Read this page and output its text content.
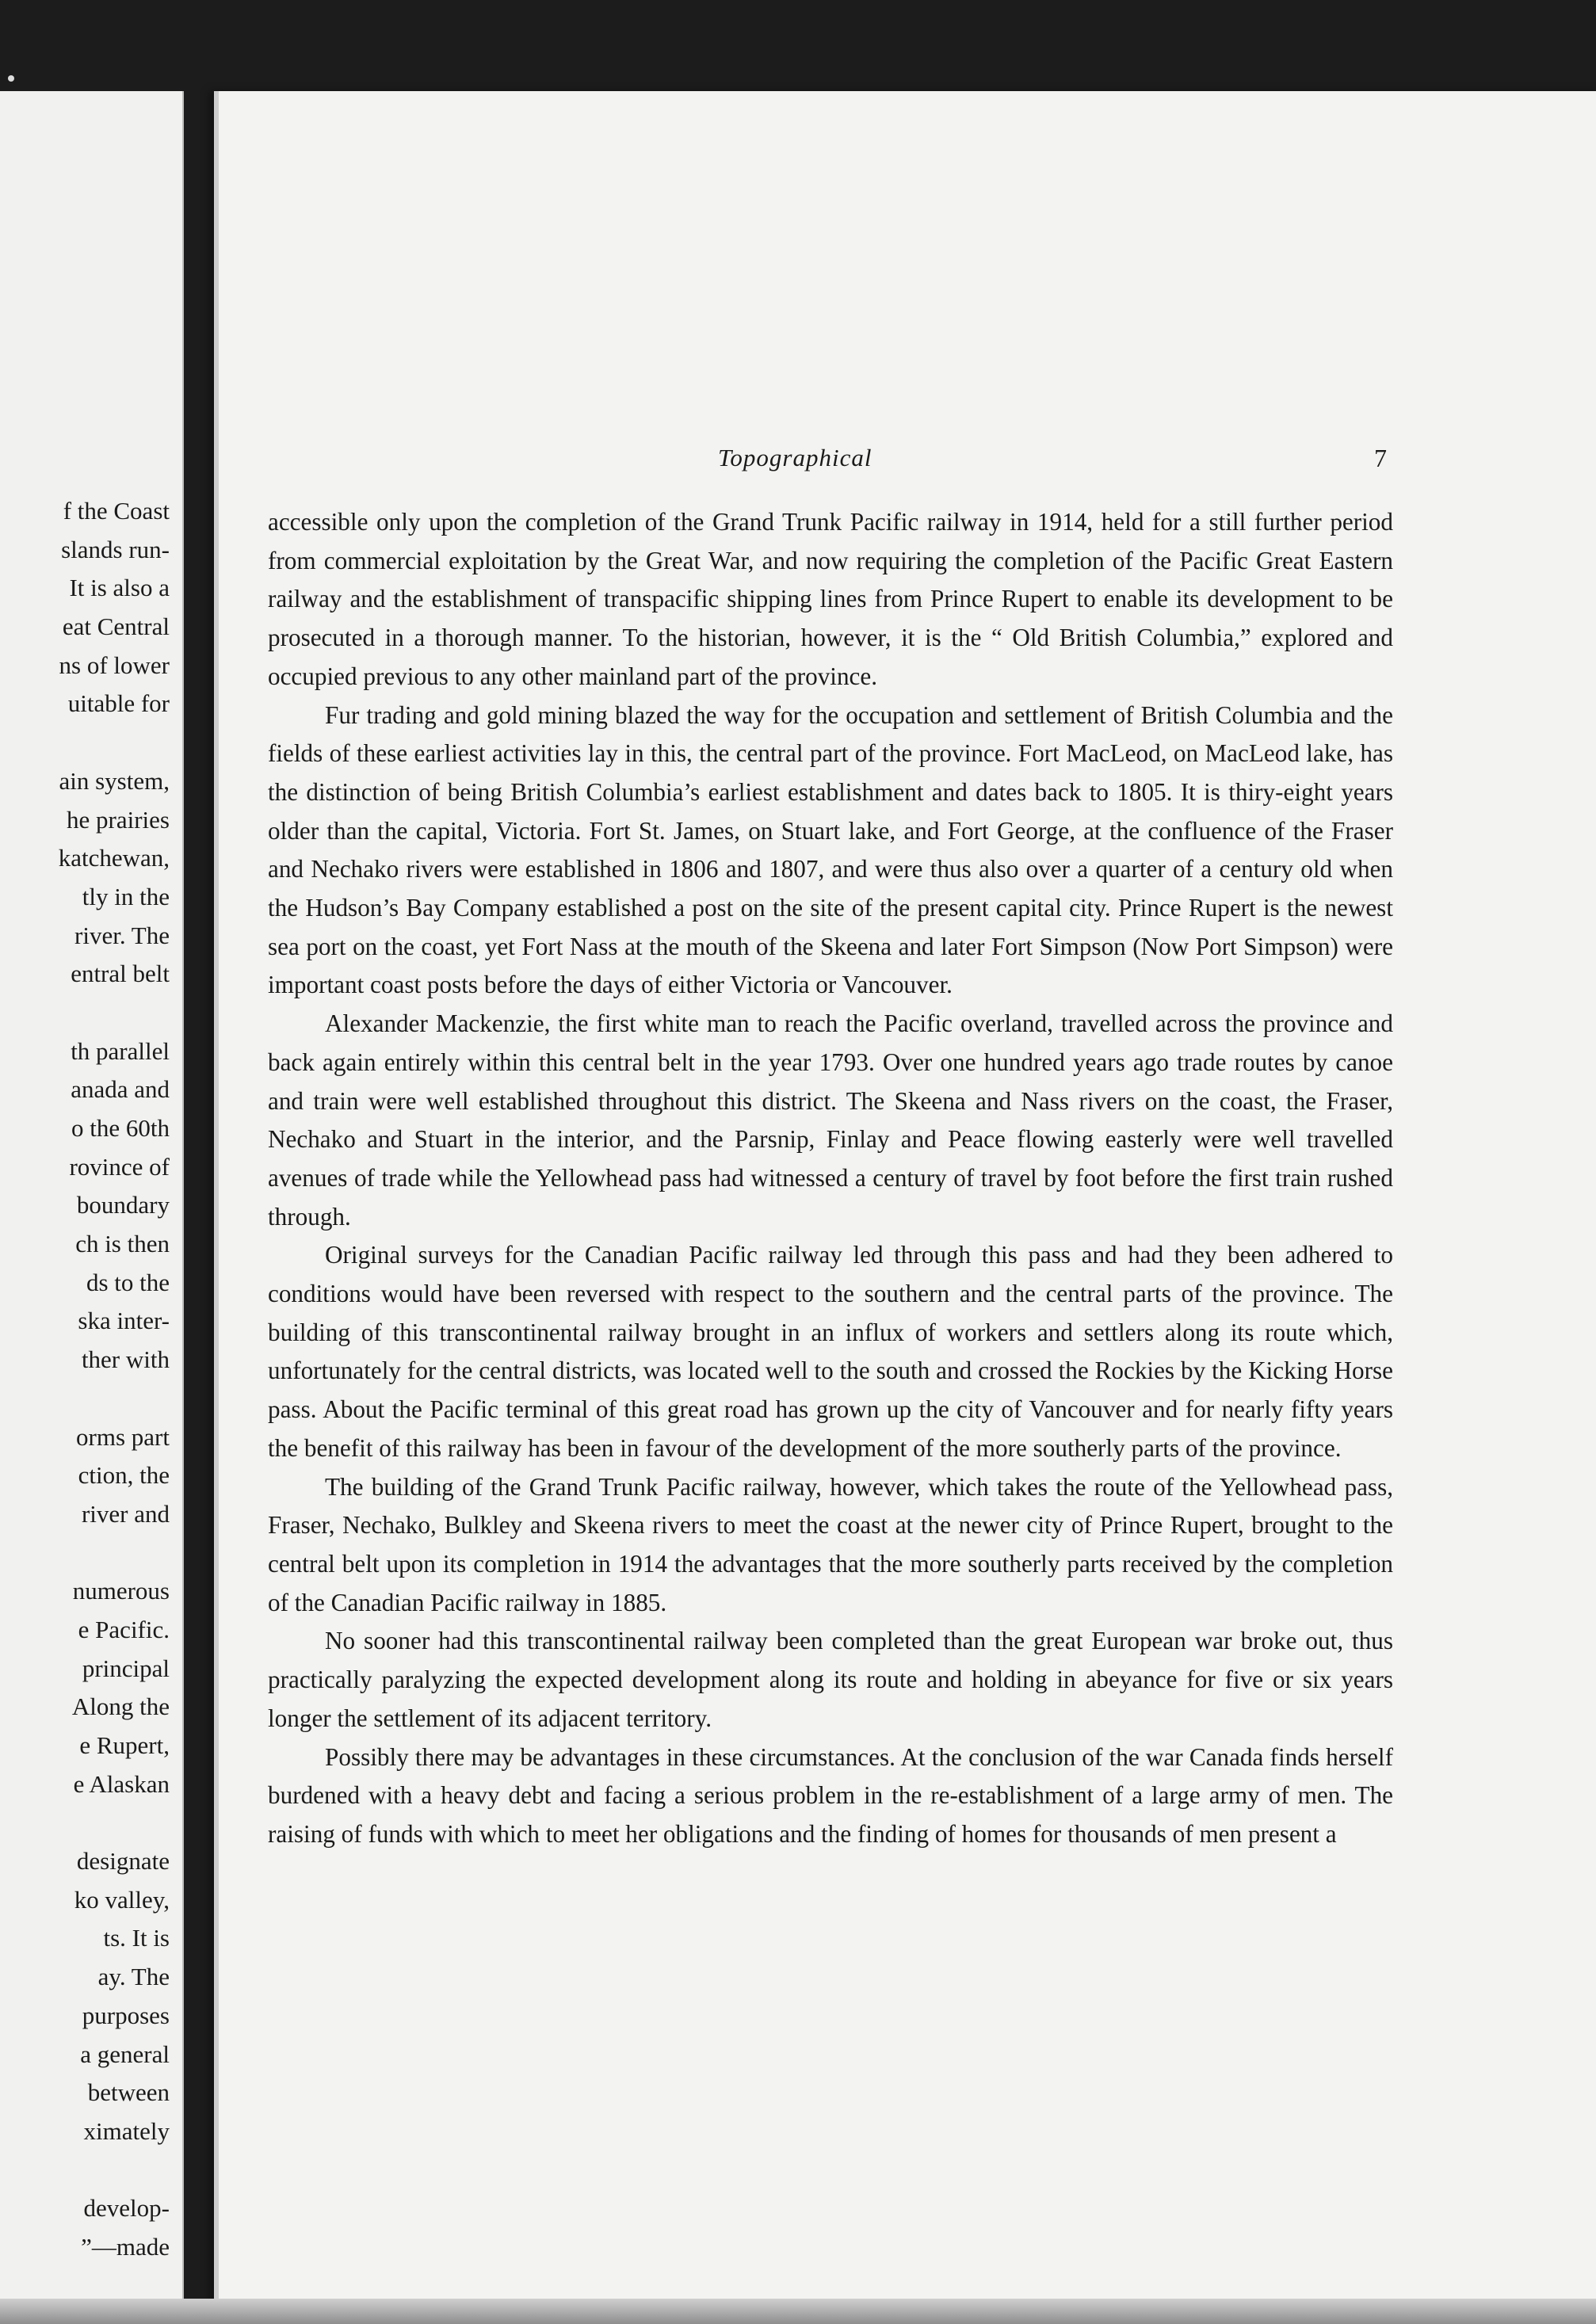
f the Coast
slands run-
It is also a
eat Central
ns of lower
uitable for
ain system,
he prairies
katchewan,
tly in the
river. The
entral belt
th parallel
anada and
o the 60th
rovince of
boundary
ch is then
ds to the
ska inter-
ther with
orms part
ction, the
river and
numerous
e Pacific.
principal
Along the
e Rupert,
e Alaskan
designate
ko valley,
ts. It is
ay. The
purposes
a general
between
ximately
develop-
”—made
Topographical	7

accessible only upon the completion of the Grand Trunk Pacific railway in 1914, held for a still further period from commercial exploitation by the Great War, and now requiring the completion of the Pacific Great Eastern railway and the establishment of transpacific shipping lines from Prince Rupert to enable its development to be prosecuted in a thorough manner. To the historian, however, it is the “ Old British Columbia,” explored and occupied previous to any other mainland part of the province.

Fur trading and gold mining blazed the way for the occupation and settlement of British Columbia and the fields of these earliest activities lay in this, the central part of the province. Fort MacLeod, on MacLeod lake, has the distinction of being British Columbia’s earliest establishment and dates back to 1805. It is thiry-eight years older than the capital, Victoria. Fort St. James, on Stuart lake, and Fort George, at the confluence of the Fraser and Nechako rivers were established in 1806 and 1807, and were thus also over a quarter of a century old when the Hudson’s Bay Company established a post on the site of the present capital city. Prince Rupert is the newest sea port on the coast, yet Fort Nass at the mouth of the Skeena and later Fort Simpson (Now Port Simpson) were important coast posts before the days of either Victoria or Vancouver.

Alexander Mackenzie, the first white man to reach the Pacific overland, travelled across the province and back again entirely within this central belt in the year 1793. Over one hundred years ago trade routes by canoe and train were well established throughout this district. The Skeena and Nass rivers on the coast, the Fraser, Nechako and Stuart in the interior, and the Parsnip, Finlay and Peace flowing easterly were well travelled avenues of trade while the Yellowhead pass had witnessed a century of travel by foot before the first train rushed through.

Original surveys for the Canadian Pacific railway led through this pass and had they been adhered to conditions would have been reversed with respect to the southern and the central parts of the province. The building of this transcontinental railway brought in an influx of workers and settlers along its route which, unfortunately for the central districts, was located well to the south and crossed the Rockies by the Kicking Horse pass. About the Pacific terminal of this great road has grown up the city of Vancouver and for nearly fifty years the benefit of this railway has been in favour of the development of the more southerly parts of the province.

The building of the Grand Trunk Pacific railway, however, which takes the route of the Yellowhead pass, Fraser, Nechako, Bulkley and Skeena rivers to meet the coast at the newer city of Prince Rupert, brought to the central belt upon its completion in 1914 the advantages that the more southerly parts received by the completion of the Canadian Pacific railway in 1885.

No sooner had this transcontinental railway been completed than the great European war broke out, thus practically paralyzing the expected development along its route and holding in abeyance for five or six years longer the settlement of its adjacent territory.

Possibly there may be advantages in these circumstances. At the conclusion of the war Canada finds herself burdened with a heavy debt and facing a serious problem in the re-establishment of a large army of men. The raising of funds with which to meet her obligations and the finding of homes for thousands of men present a
